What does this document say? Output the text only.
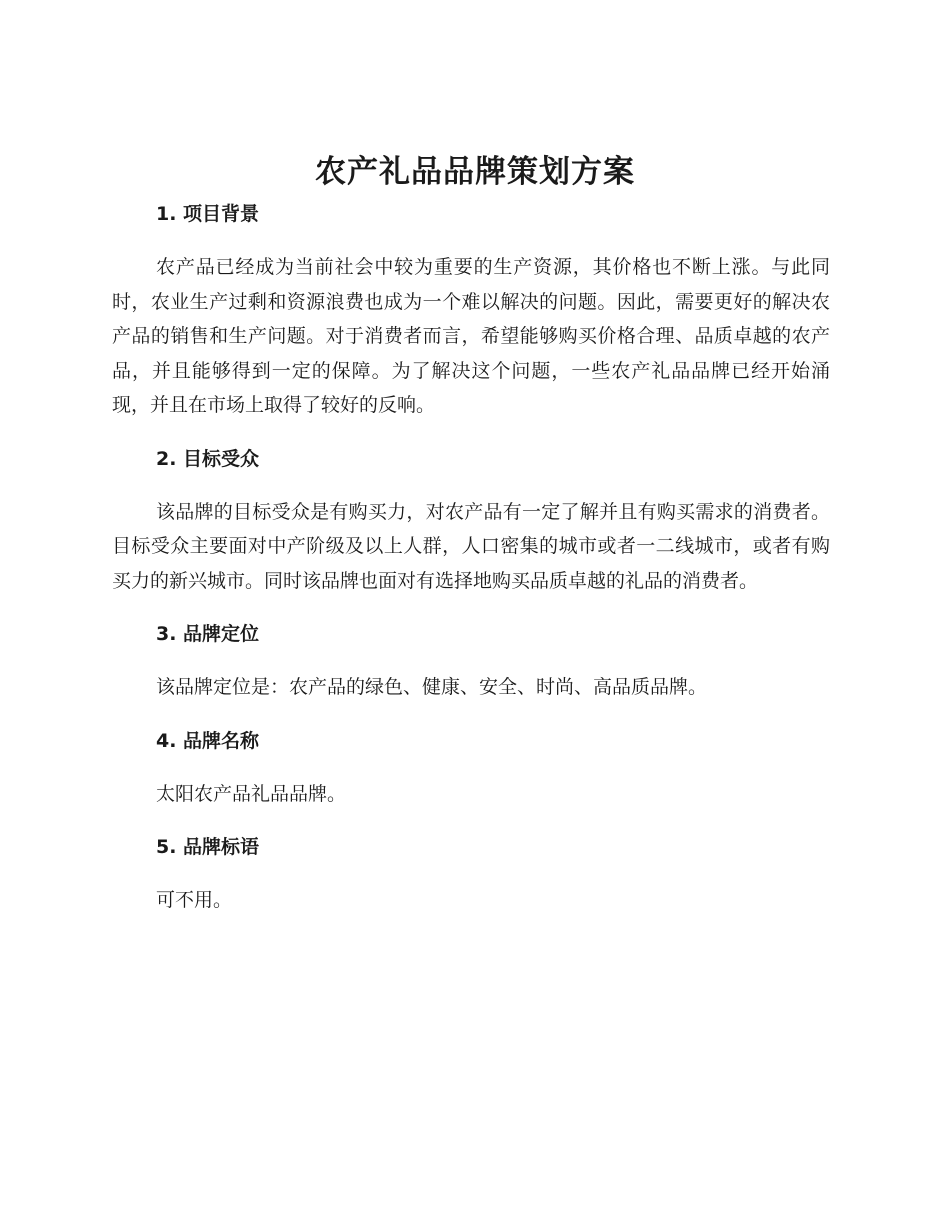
农产礼品品牌策划方案
1. 项目背景

农产品已经成为当前社会中较为重要的生产资源，其价格也不断上涨。与此同时，农业生产过剩和资源浪费也成为一个难以解决的问题。因此，需要更好的解决农产品的销售和生产问题。对于消费者而言，希望能够购买价格合理、品质卓越的农产品，并且能够得到一定的保障。为了解决这个问题，一些农产礼品品牌已经开始涌现，并且在市场上取得了较好的反响。

2. 目标受众

该品牌的目标受众是有购买力，对农产品有一定了解并且有购买需求的消费者。目标受众主要面对中产阶级及以上人群，人口密集的城市或者一二线城市，或者有购买力的新兴城市。同时该品牌也面对有选择地购买品质卓越的礼品的消费者。

3. 品牌定位

该品牌定位是：农产品的绿色、健康、安全、时尚、高品质品牌。

4. 品牌名称

太阳农产品礼品品牌。

5. 品牌标语

可不用。
